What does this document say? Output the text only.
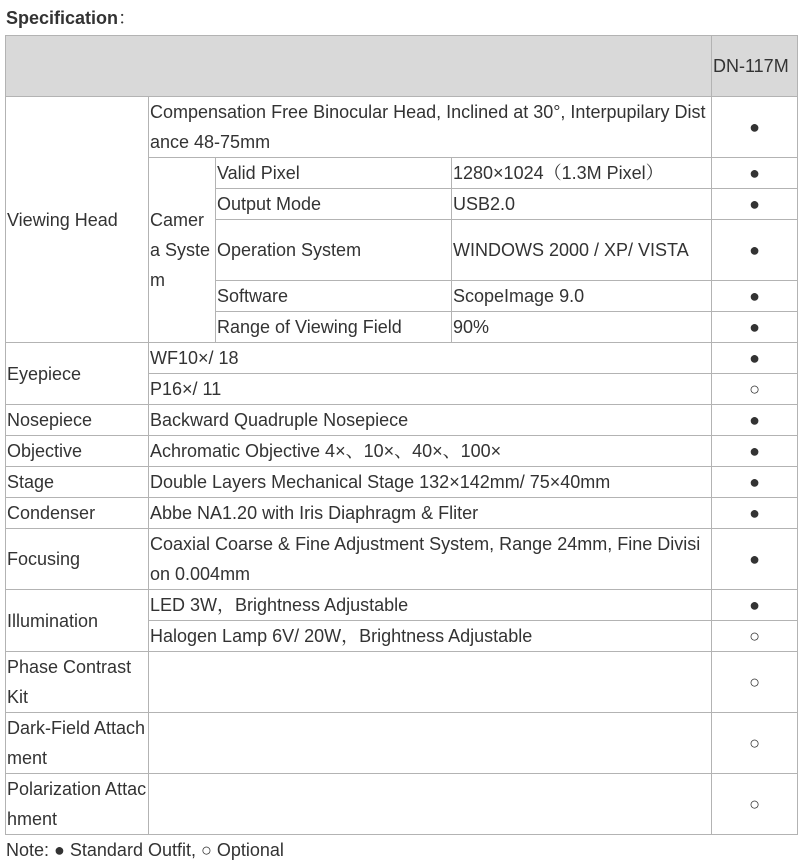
Specification：
				DN-117M
Viewing Head	Compensation Free Binocular Head, Inclined at 30°, Interpupilary Distance 48-75mm			●
	Camera System	Valid Pixel	1280×1024（1.3M Pixel）	●
		Output Mode	USB2.0	●
		Operation System	WINDOWS 2000 / XP/ VISTA	●
		Software	ScopeImage 9.0	●
		Range of Viewing Field	90%	●
Eyepiece	WF10×/ 18			●
	P16×/ 11			○
Nosepiece	Backward Quadruple Nosepiece			●
Objective	Achromatic Objective 4×、10×、40×、100×			●
Stage	Double Layers Mechanical Stage 132×142mm/ 75×40mm			●
Condenser	Abbe NA1.20 with Iris Diaphragm & Fliter			●
Focusing	Coaxial Coarse & Fine Adjustment System, Range 24mm, Fine Division 0.004mm			●
Illumination	LED 3W，Brightness Adjustable			●
	Halogen Lamp 6V/ 20W，Brightness Adjustable			○
Phase Contrast Kit				○
Dark-Field Attachment				○
Polarization Attachment				○
Note: ● Standard Outfit, ○ Optional
